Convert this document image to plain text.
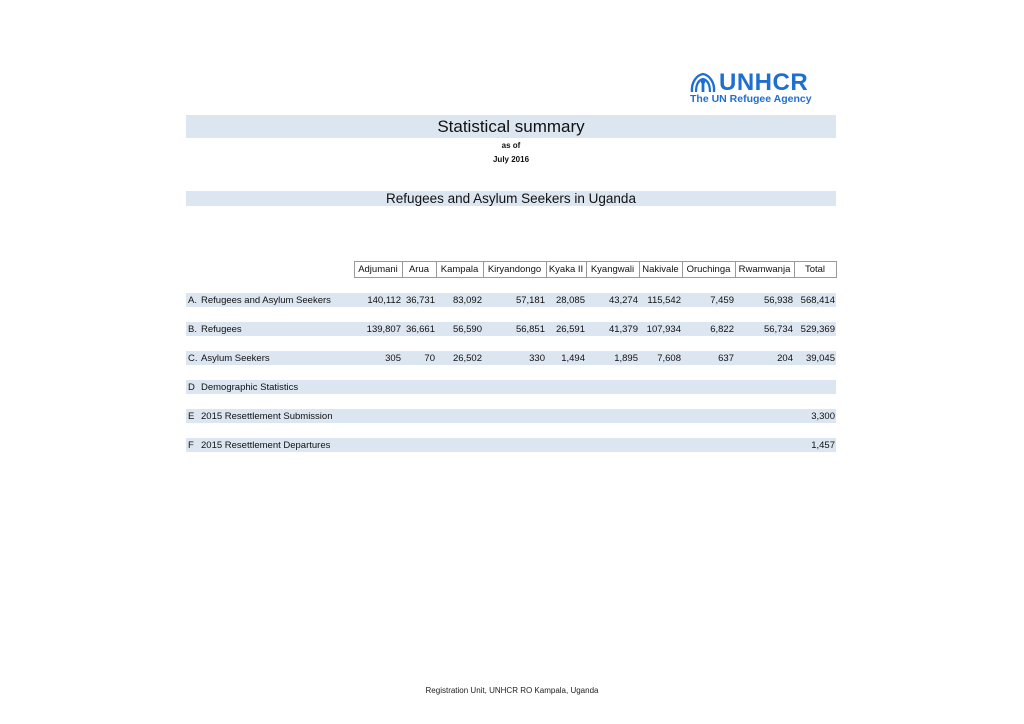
UNHCR
The UN Refugee Agency
Statistical summary
as of
July 2016
Refugees and Asylum Seekers in Uganda
		Adjumani	Arua	Kampala	Kiryandongo	Kyaka II	Kyangwali	Nakivale	Oruchinga	Rwamwanja	Total

A.	Refugees and Asylum Seekers	140,112	36,731	83,092	57,181	28,085	43,274	115,542	7,459	56,938	568,414

B.	Refugees	139,807	36,661	56,590	56,851	26,591	41,379	107,934	6,822	56,734	529,369

C.	Asylum Seekers	305	70	26,502	330	1,494	1,895	7,608	637	204	39,045

D	Demographic Statistics										

E	2015 Resettlement Submission										3,300

F	2015 Resettlement Departures										1,457
Registration Unit, UNHCR RO Kampala, Uganda
